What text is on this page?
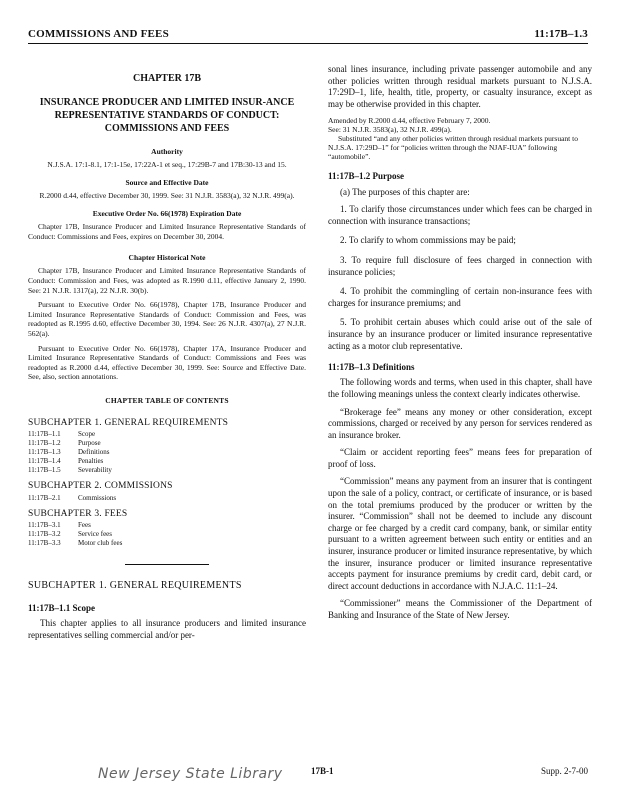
COMMISSIONS AND FEES	11:17B–1.3
CHAPTER 17B
INSURANCE PRODUCER AND LIMITED INSUR-ANCE REPRESENTATIVE STANDARDS OF CONDUCT: COMMISSIONS AND FEES
Authority
N.J.S.A. 17:1-8.1, 17:1-15e, 17:22A-1 et seq., 17:29B-7 and 17B:30-13 and 15.
Source and Effective Date
R.2000 d.44, effective December 30, 1999. See: 31 N.J.R. 3583(a), 32 N.J.R. 499(a).
Executive Order No. 66(1978) Expiration Date

Chapter 17B, Insurance Producer and Limited Insurance Representative Standards of Conduct: Commissions and Fees, expires on December 30, 2004.

Chapter Historical Note

Chapter 17B, Insurance Producer and Limited Insurance Representative Standards of Conduct: Commission and Fees, was adopted as R.1990 d.11, effective January 2, 1990. See: 21 N.J.R. 1317(a), 22 N.J.R. 30(b).

Pursuant to Executive Order No. 66(1978), Chapter 17B, Insurance Producer and Limited Insurance Representative Standards of Conduct: Commission and Fees, was readopted as R.1995 d.60, effective December 30, 1994. See: 26 N.J.R. 4307(a), 27 N.J.R. 562(a).

Pursuant to Executive Order No. 66(1978), Chapter 17A, Insurance Producer and Limited Insurance Representative Standards of Conduct: Commissions and Fees was readopted as R.2000 d.44, effective December 30, 1999. See: Source and Effective Date. See, also, section annotations.

CHAPTER TABLE OF CONTENTS
SUBCHAPTER 1. GENERAL REQUIREMENTS
11:17B–1.1	Scope
11:17B–1.2	Purpose
11:17B–1.3	Definitions
11:17B–1.4	Penalties
11:17B–1.5	Severability
SUBCHAPTER 2. COMMISSIONS
11:17B–2.1	Commissions
SUBCHAPTER 3. FEES
11:17B–3.1	Fees
11:17B–3.2	Service fees
11:17B–3.3	Motor club fees
SUBCHAPTER 1. GENERAL REQUIREMENTS
11:17B–1.1 Scope

This chapter applies to all insurance producers and limited insurance representatives selling commercial and/or per-

sonal lines insurance, including private passenger automobile and any other policies written through residual markets pursuant to N.J.S.A. 17:29D–1, life, health, title, property, or casualty insurance, except as may be otherwise provided in this chapter.

Amended by R.2000 d.44, effective February 7, 2000.

See: 31 N.J.R. 3583(a), 32 N.J.R. 499(a).

Substituted “and any other policies written through residual markets pursuant to N.J.S.A. 17:29D–1” for “policies written through the NJAF-IUA” following “automobile”.

11:17B–1.2 Purpose

(a) The purposes of this chapter are:

1. To clarify those circumstances under which fees can be charged in connection with insurance transactions;

2. To clarify to whom commissions may be paid;

3. To require full disclosure of fees charged in connection with insurance policies;

4. To prohibit the commingling of certain non-insurance fees with charges for insurance premiums; and

5. To prohibit certain abuses which could arise out of the sale of insurance by an insurance producer or limited insurance representative acting as a motor club representative.

11:17B–1.3 Definitions

The following words and terms, when used in this chapter, shall have the following meanings unless the context clearly indicates otherwise.

“Brokerage fee” means any money or other consideration, except commissions, charged or received by any person for services rendered as an insurance broker.

“Claim or accident reporting fees” means fees for preparation of proof of loss.

“Commission” means any payment from an insurer that is contingent upon the sale of a policy, contract, or certificate of insurance, or is based on the total premiums produced by the producer or written by the insurer. “Commission” shall not be deemed to include any discount charge or fee charged by a credit card company, bank, or similar entity pursuant to a written agreement between such entity or entities and an insurer, insurance producer or limited insurance representative, by which the insurer, insurance producer or limited insurance representative accepts payment for insurance premiums by credit card, debit card, or direct account deductions in accordance with N.J.A.C. 11:1–24.

“Commissioner” means the Commissioner of the Department of Banking and Insurance of the State of New Jersey.

New Jersey State Library	17B-1	Supp. 2-7-00
